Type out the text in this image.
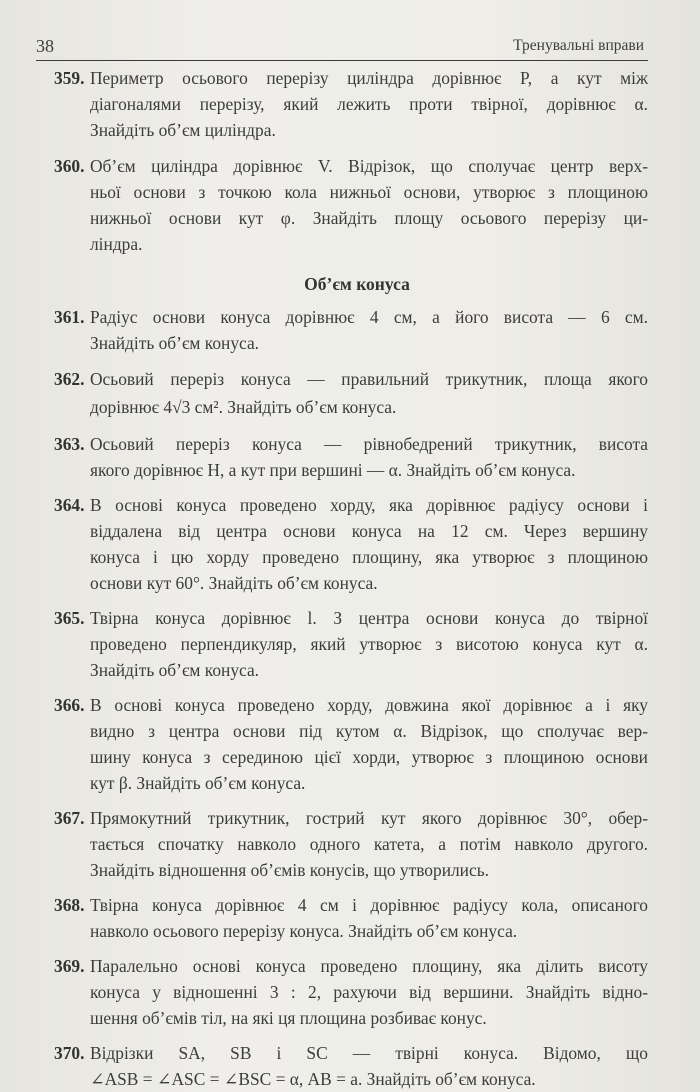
38	Тренувальні вправи
359. Периметр осьового перерізу циліндра дорівнює P, а кут між
діагоналями перерізу, який лежить проти твірної, дорівнює α.
Знайдіть об’єм циліндра.
360. Об’єм циліндра дорівнює V. Відрізок, що сполучає центр верх-
ньої основи з точкою кола нижньої основи, утворює з площиною
нижньої основи кут φ. Знайдіть площу осьового перерізу ци-
ліндра.
Об’єм конуса
361. Радіус основи конуса дорівнює 4 см, а його висота — 6 см.
Знайдіть об’єм конуса.
362. Осьовий переріз конуса — правильний трикутник, площа якого
дорівнює 4√3 см². Знайдіть об’єм конуса.
363. Осьовий переріз конуса — рівнобедрений трикутник, висота
якого дорівнює H, а кут при вершині — α. Знайдіть об’єм конуса.
364. В основі конуса проведено хорду, яка дорівнює радіусу основи і
віддалена від центра основи конуса на 12 см. Через вершину
конуса і цю хорду проведено площину, яка утворює з площиною
основи кут 60°. Знайдіть об’єм конуса.
365. Твірна конуса дорівнює l. З центра основи конуса до твірної
проведено перпендикуляр, який утворює з висотою конуса кут α.
Знайдіть об’єм конуса.
366. В основі конуса проведено хорду, довжина якої дорівнює a і яку
видно з центра основи під кутом α. Відрізок, що сполучає вер-
шину конуса з серединою цієї хорди, утворює з площиною основи
кут β. Знайдіть об’єм конуса.
367. Прямокутний трикутник, гострий кут якого дорівнює 30°, обер-
тається спочатку навколо одного катета, а потім навколо другого.
Знайдіть відношення об’ємів конусів, що утворились.
368. Твірна конуса дорівнює 4 см і дорівнює радіусу кола, описаного
навколо осьового перерізу конуса. Знайдіть об’єм конуса.
369. Паралельно основі конуса проведено площину, яка ділить висоту
конуса у відношенні 3 : 2, рахуючи від вершини. Знайдіть відно-
шення об’ємів тіл, на які ця площина розбиває конус.
370. Відрізки SA, SB і SC — твірні конуса. Відомо, що
∠ASB = ∠ASC = ∠BSC = α, AB = a. Знайдіть об’єм конуса.
